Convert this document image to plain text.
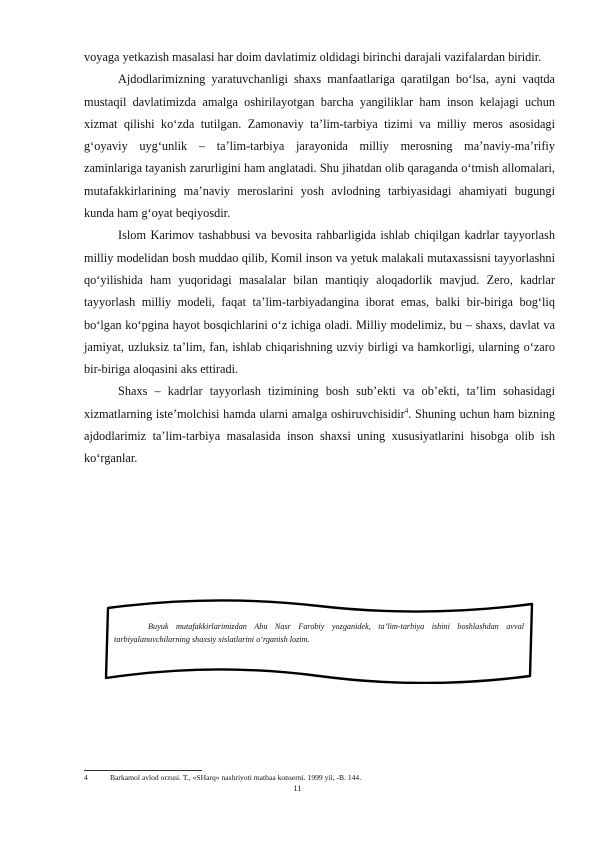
voyaga yetkazish masalasi har doim davlatimiz oldidagi birinchi darajali vazifalardan biridir.

Ajdodlarimizning yaratuvchanligi shaxs manfaatlariga qaratilgan bo‘lsa, ayni vaqtda mustaqil davlatimizda amalga oshirilayotgan barcha yangiliklar ham inson kelajagi uchun xizmat qilishi ko‘zda tutilgan. Zamonaviy ta’lim-tarbiya tizimi va milliy meros asosidagi g‘oyaviy uyg‘unlik – ta’lim-tarbiya jarayonida milliy merosning ma’naviy-ma’rifiy zaminlariga tayanish zarurligini ham anglatadi. Shu jihatdan olib qaraganda o‘tmish allomalari, mutafakkirlarining ma’naviy meroslarini yosh avlodning tarbiyasidagi ahamiyati bugungi kunda ham g‘oyat beqiyosdir.

Islom Karimov tashabbusi va bevosita rahbarligida ishlab chiqilgan kadrlar tayyorlash milliy modelidan bosh muddao qilib, Komil inson va yetuk malakali mutaxassisni tayyorlashni qo‘yilishida ham yuqoridagi masalalar bilan mantiqiy aloqadorlik mavjud. Zero, kadrlar tayyorlash milliy modeli, faqat ta’lim-tarbiyadangina iborat emas, balki bir-biriga bog‘liq bo‘lgan ko‘pgina hayot bosqichlarini o‘z ichiga oladi. Milliy modelimiz, bu – shaxs, davlat va jamiyat, uzluksiz ta’lim, fan, ishlab chiqarishning uzviy birligi va hamkorligi, ularning o‘zaro bir-biriga aloqasini aks ettiradi.

Shaxs – kadrlar tayyorlash tizimining bosh sub’ekti va ob’ekti, ta’lim sohasidagi xizmatlarning iste’molchisi hamda ularni amalga oshiruvchisidir$^4$. Shuning uchun ham bizning ajdodlarimiz ta’lim-tarbiya masalasida inson shaxsi uning xususiyatlarini hisobga olib ish ko‘rganlar.

Buyuk mutafakkirlarimizdan Abu Nasr Farobiy yozganidek, ta’lim-tarbiya ishini boshlashdan avval tarbiyalanuvchilarning shaxsiy xislatlarini o‘rganish lozim.
4	Barkamol avlod orzusi. T., «SHarq» nashriyoti matbaa konserni. 1999 yil, -B. 144.
11
